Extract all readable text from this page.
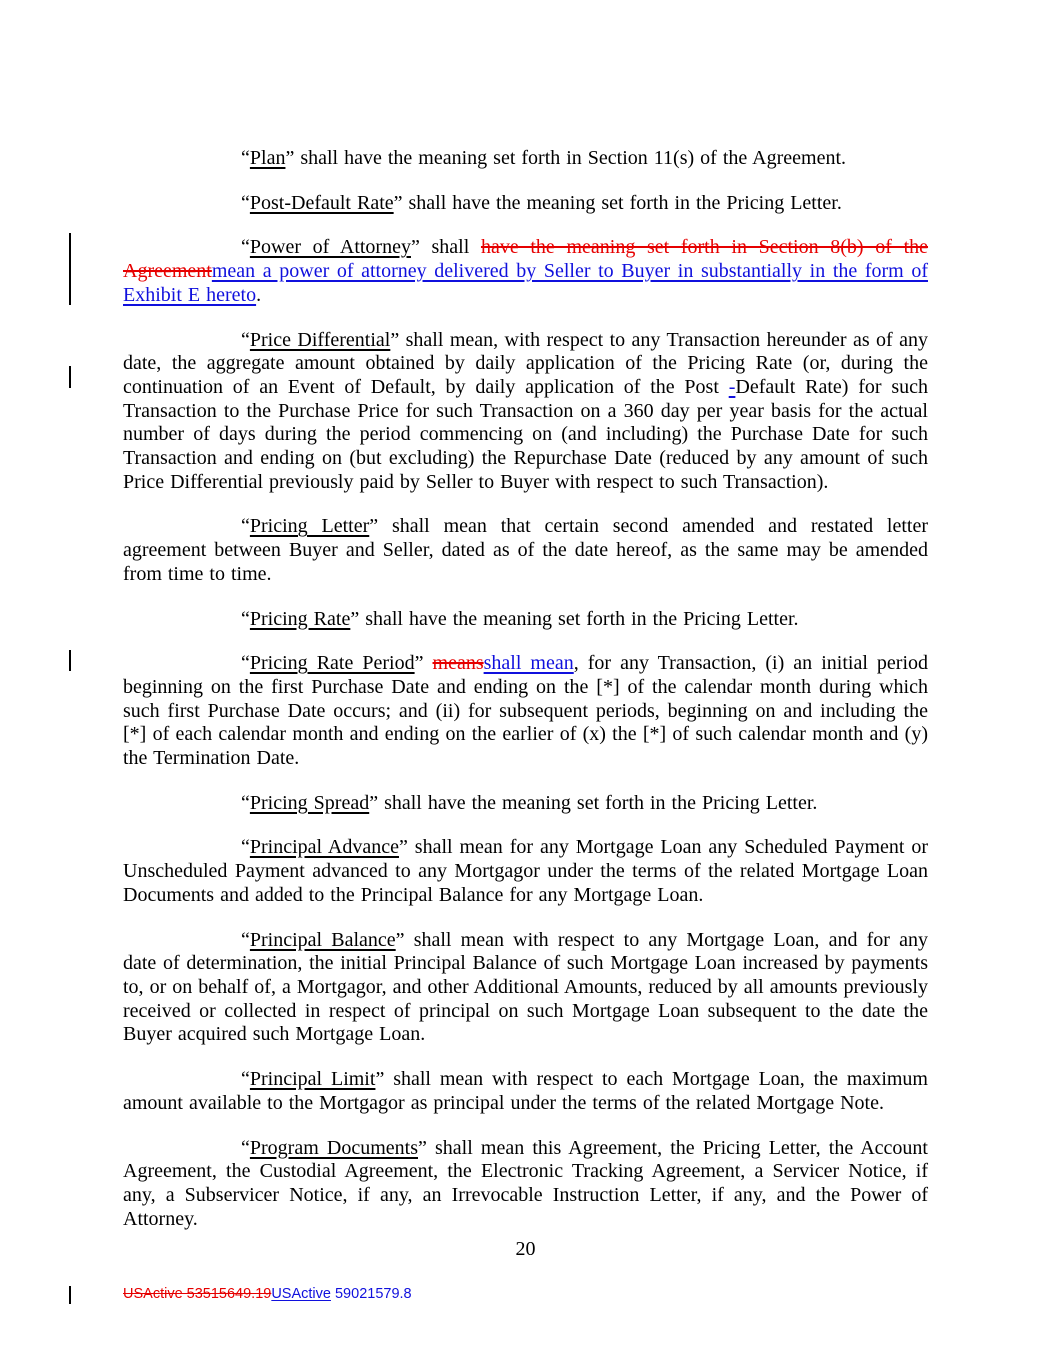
“Plan” shall have the meaning set forth in Section 11(s) of the Agreement.

“Post-Default Rate” shall have the meaning set forth in the Pricing Letter.

“Power of Attorney” shall have the meaning set forth in Section 8(b) of the Agreementmean a power of attorney delivered by Seller to Buyer in substantially in the form of Exhibit E hereto.

“Price Differential” shall mean, with respect to any Transaction hereunder as of any date, the aggregate amount obtained by daily application of the Pricing Rate (or, during the continuation of an Event of Default, by daily application of the Post -Default Rate) for such Transaction to the Purchase Price for such Transaction on a 360 day per year basis for the actual number of days during the period commencing on (and including) the Purchase Date for such Transaction and ending on (but excluding) the Repurchase Date (reduced by any amount of such Price Differential previously paid by Seller to Buyer with respect to such Transaction).

“Pricing Letter” shall mean that certain second amended and restated letter agreement between Buyer and Seller, dated as of the date hereof, as the same may be amended from time to time.

“Pricing Rate” shall have the meaning set forth in the Pricing Letter.

“Pricing Rate Period” meansshall mean, for any Transaction, (i) an initial period beginning on the first Purchase Date and ending on the [*] of the calendar month during which such first Purchase Date occurs; and (ii) for subsequent periods, beginning on and including the [*] of each calendar month and ending on the earlier of (x) the [*] of such calendar month and (y) the Termination Date.

“Pricing Spread” shall have the meaning set forth in the Pricing Letter.

“Principal Advance” shall mean for any Mortgage Loan any Scheduled Payment or Unscheduled Payment advanced to any Mortgagor under the terms of the related Mortgage Loan Documents and added to the Principal Balance for any Mortgage Loan.

“Principal Balance” shall mean with respect to any Mortgage Loan, and for any date of determination, the initial Principal Balance of such Mortgage Loan increased by payments to, or on behalf of, a Mortgagor, and other Additional Amounts, reduced by all amounts previously received or collected in respect of principal on such Mortgage Loan subsequent to the date the Buyer acquired such Mortgage Loan.

“Principal Limit” shall mean with respect to each Mortgage Loan, the maximum amount available to the Mortgagor as principal under the terms of the related Mortgage Note.

“Program Documents” shall mean this Agreement, the Pricing Letter, the Account Agreement, the Custodial Agreement, the Electronic Tracking Agreement, a Servicer Notice, if any, a Subservicer Notice, if any, an Irrevocable Instruction Letter, if any, and the Power of Attorney.

20
USActive 53515649.19USActive 59021579.8
